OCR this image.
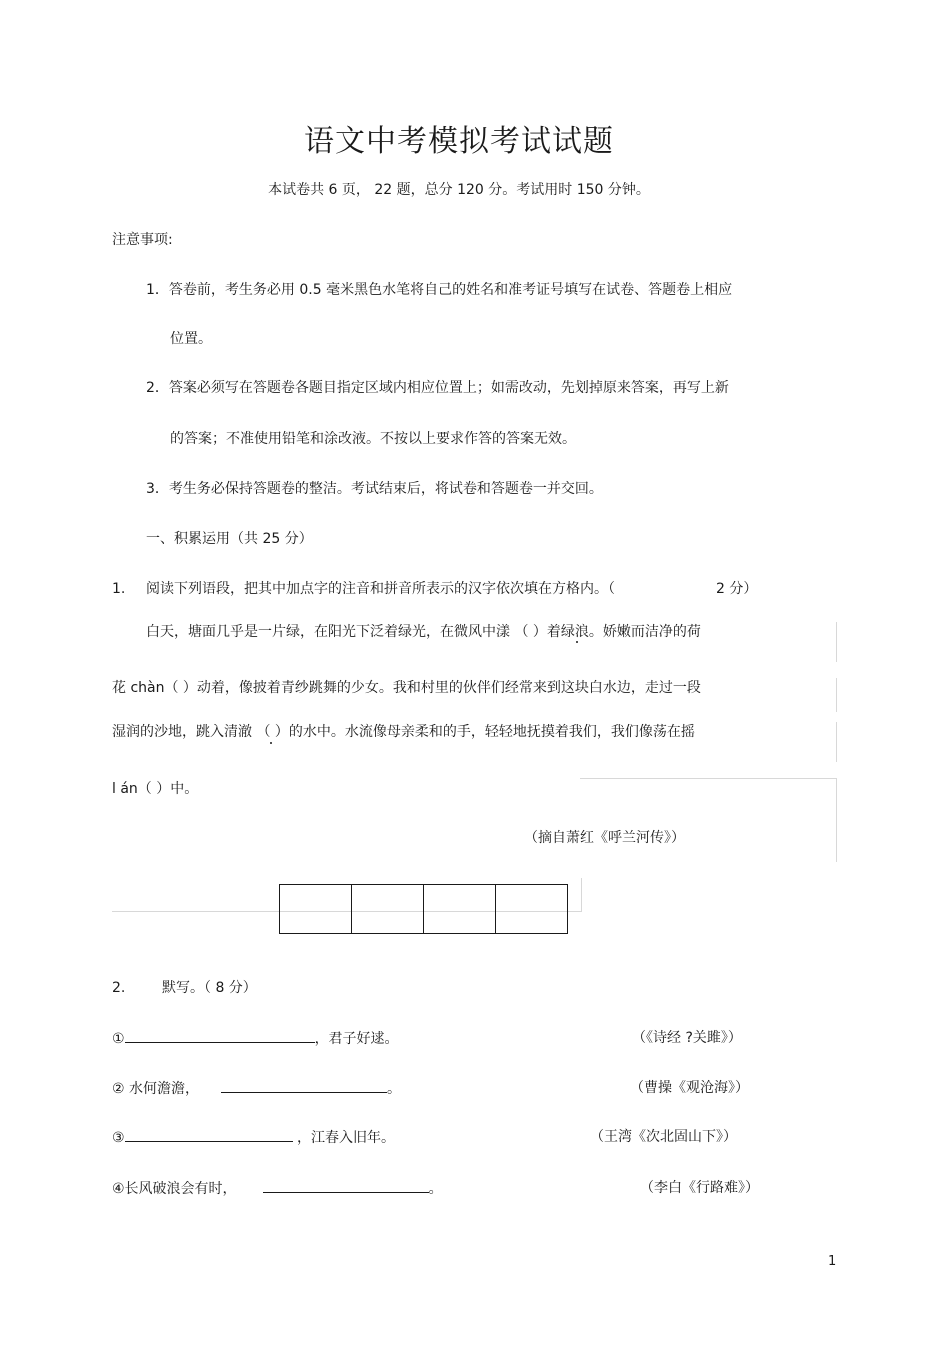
语文中考模拟考试试题
本试卷共 6 页， 22 题，总分 120 分。考试用时 150 分钟。
注意事项:
1．答卷前，考生务必用 0.5 毫米黑色水笔将自己的姓名和准考证号填写在试卷、答题卷上相应
位置。
2．答案必须写在答题卷各题目指定区域内相应位置上；如需改动，先划掉原来答案，再写上新
的答案；不准使用铅笔和涂改液。不按以上要求作答的答案无效。
3．考生务必保持答题卷的整洁。考试结束后，将试卷和答题卷一并交回。
一、积累运用（共 25 分）
1. 阅读下列语段，把其中加点字的注音和拼音所表示的汉字依次填在方格内。（	2 分）
白天，塘面几乎是一片绿，在阳光下泛着绿光，在微风中漾 （ ）着绿浪。娇嫩而洁净的荷
花 chàn（ ）动着，像披着青纱跳舞的少女。我和村里的伙伴们经常来到这块白水边，走过一段
湿润的沙地，跳入清澈 （ ）的水中。水流像母亲柔和的手，轻轻地抚摸着我们，我们像荡在摇
l án（ ）中。
（摘自萧红《呼兰河传》）
2.	默写。（ 8 分）
①	，君子好逑。	（《诗经 ?关雎》）
② 水何澹澹，	。	（曹操《观沧海》）
③	，江春入旧年。	（王湾《次北固山下》）
④长风破浪会有时，	。	（李白《行路难》）
1
